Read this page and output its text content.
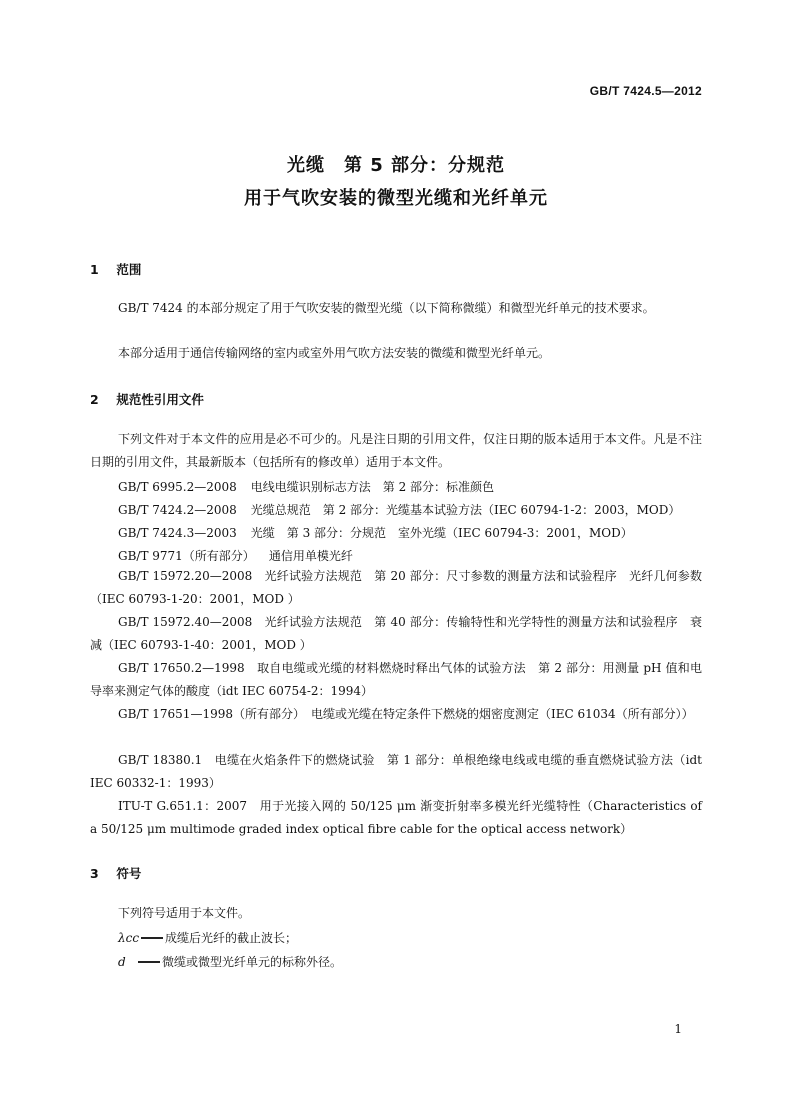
GB/T 7424.5—2012
光缆　第 5 部分：分规范
用于气吹安装的微型光缆和光纤单元
1 范围
GB/T 7424 的本部分规定了用于气吹安装的微型光缆（以下简称微缆）和微型光纤单元的技术要求。
本部分适用于通信传输网络的室内或室外用气吹方法安装的微缆和微型光纤单元。
2 规范性引用文件
下列文件对于本文件的应用是必不可少的。凡是注日期的引用文件，仅注日期的版本适用于本文件。凡是不注日期的引用文件，其最新版本（包括所有的修改单）适用于本文件。
GB/T 6995.2—2008 电线电缆识别标志方法　第 2 部分：标准颜色
GB/T 7424.2—2008 光缆总规范　第 2 部分：光缆基本试验方法（IEC 60794-1-2：2003，MOD）
GB/T 7424.3—2003 光缆　第 3 部分：分规范　室外光缆（IEC 60794-3：2001，MOD）
GB/T 9771（所有部分） 通信用单模光纤
GB/T 15972.20—2008　光纤试验方法规范　第 20 部分：尺寸参数的测量方法和试验程序　光纤几何参数（IEC 60793-1-20：2001，MOD ）
GB/T 15972.40—2008　光纤试验方法规范　第 40 部分：传输特性和光学特性的测量方法和试验程序　衰减（IEC 60793-1-40：2001，MOD ）
GB/T 17650.2—1998　取自电缆或光缆的材料燃烧时释出气体的试验方法　第 2 部分：用测量 pH 值和电导率来测定气体的酸度（idt IEC 60754-2：1994）
GB/T 17651—1998（所有部分）　电缆或光缆在特定条件下燃烧的烟密度测定（IEC 61034（所有部分））
GB/T 18380.1　电缆在火焰条件下的燃烧试验　第 1 部分：单根绝缘电线或电缆的垂直燃烧试验方法（idt IEC 60332-1：1993）
ITU-T G.651.1：2007　用于光接入网的 50/125 μm 渐变折射率多模光纤光缆特性（Characteristics of a 50/125 μm multimode graded index optical fibre cable for the optical access network）
3 符号
下列符号适用于本文件。
λcc 成缆后光纤的截止波长；
d	微缆或微型光纤单元的标称外径。
1
